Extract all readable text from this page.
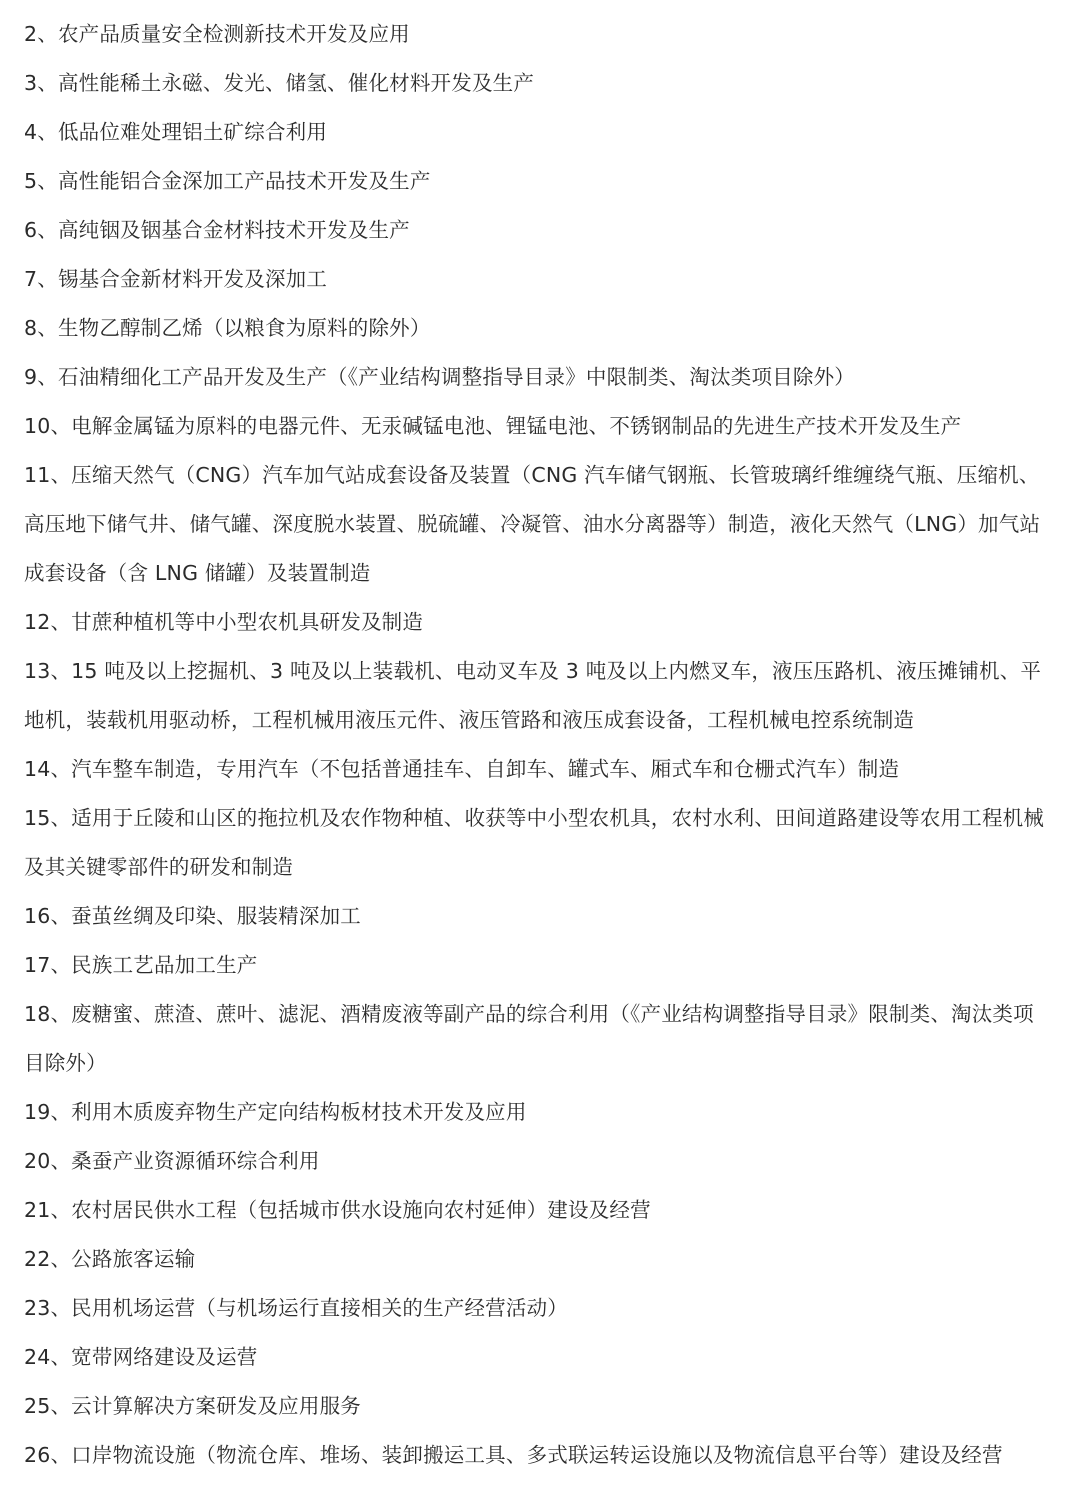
2、农产品质量安全检测新技术开发及应用

3、高性能稀土永磁、发光、储氢、催化材料开发及生产

4、低品位难处理铝土矿综合利用

5、高性能铝合金深加工产品技术开发及生产

6、高纯铟及铟基合金材料技术开发及生产

7、锡基合金新材料开发及深加工

8、生物乙醇制乙烯（以粮食为原料的除外）

9、石油精细化工产品开发及生产（《产业结构调整指导目录》中限制类、淘汰类项目除外）

10、电解金属锰为原料的电器元件、无汞碱锰电池、锂锰电池、不锈钢制品的先进生产技术开发及生产

11、压缩天然气（CNG）汽车加气站成套设备及装置（CNG 汽车储气钢瓶、长管玻璃纤维缠绕气瓶、压缩机、高压地下储气井、储气罐、深度脱水装置、脱硫罐、冷凝管、油水分离器等）制造，液化天然气（LNG）加气站成套设备（含 LNG 储罐）及装置制造

12、甘蔗种植机等中小型农机具研发及制造

13、15 吨及以上挖掘机、3 吨及以上装载机、电动叉车及 3 吨及以上内燃叉车，液压压路机、液压摊铺机、平地机，装载机用驱动桥，工程机械用液压元件、液压管路和液压成套设备，工程机械电控系统制造

14、汽车整车制造，专用汽车（不包括普通挂车、自卸车、罐式车、厢式车和仓栅式汽车）制造

15、适用于丘陵和山区的拖拉机及农作物种植、收获等中小型农机具，农村水利、田间道路建设等农用工程机械及其关键零部件的研发和制造

16、蚕茧丝绸及印染、服装精深加工

17、民族工艺品加工生产

18、废糖蜜、蔗渣、蔗叶、滤泥、酒精废液等副产品的综合利用（《产业结构调整指导目录》限制类、淘汰类项目除外）

19、利用木质废弃物生产定向结构板材技术开发及应用

20、桑蚕产业资源循环综合利用

21、农村居民供水工程（包括城市供水设施向农村延伸）建设及经营

22、公路旅客运输

23、民用机场运营（与机场运行直接相关的生产经营活动）

24、宽带网络建设及运营

25、云计算解决方案研发及应用服务

26、口岸物流设施（物流仓库、堆场、装卸搬运工具、多式联运转运设施以及物流信息平台等）建设及经营
